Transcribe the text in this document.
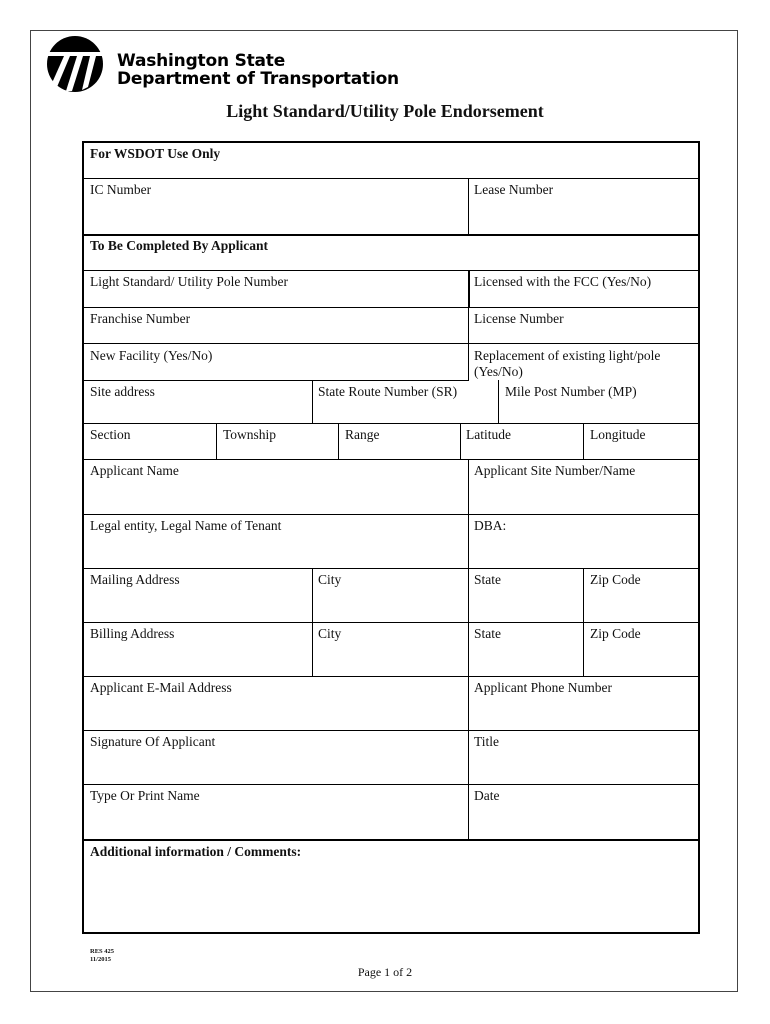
Washington State
Department of Transportation
Light Standard/Utility Pole Endorsement
For WSDOT Use Only
IC Number	Lease Number
To Be Completed By Applicant
Light Standard/ Utility Pole Number	Licensed with the FCC (Yes/No)
Franchise Number	License Number
New Facility (Yes/No)	Replacement of existing light/pole (Yes/No)
Site address	State Route Number (SR)	Mile Post Number (MP)
Section	Township	Range	Latitude	Longitude
Applicant Name	Applicant Site Number/Name
Legal entity, Legal Name of Tenant	DBA:
Mailing Address	City	State	Zip Code
Billing Address	City	State	Zip Code
Applicant E-Mail Address	Applicant Phone Number
Signature Of Applicant	Title
Type Or Print Name	Date
Additional information / Comments:
RES 425
11/2015
Page 1 of 2
